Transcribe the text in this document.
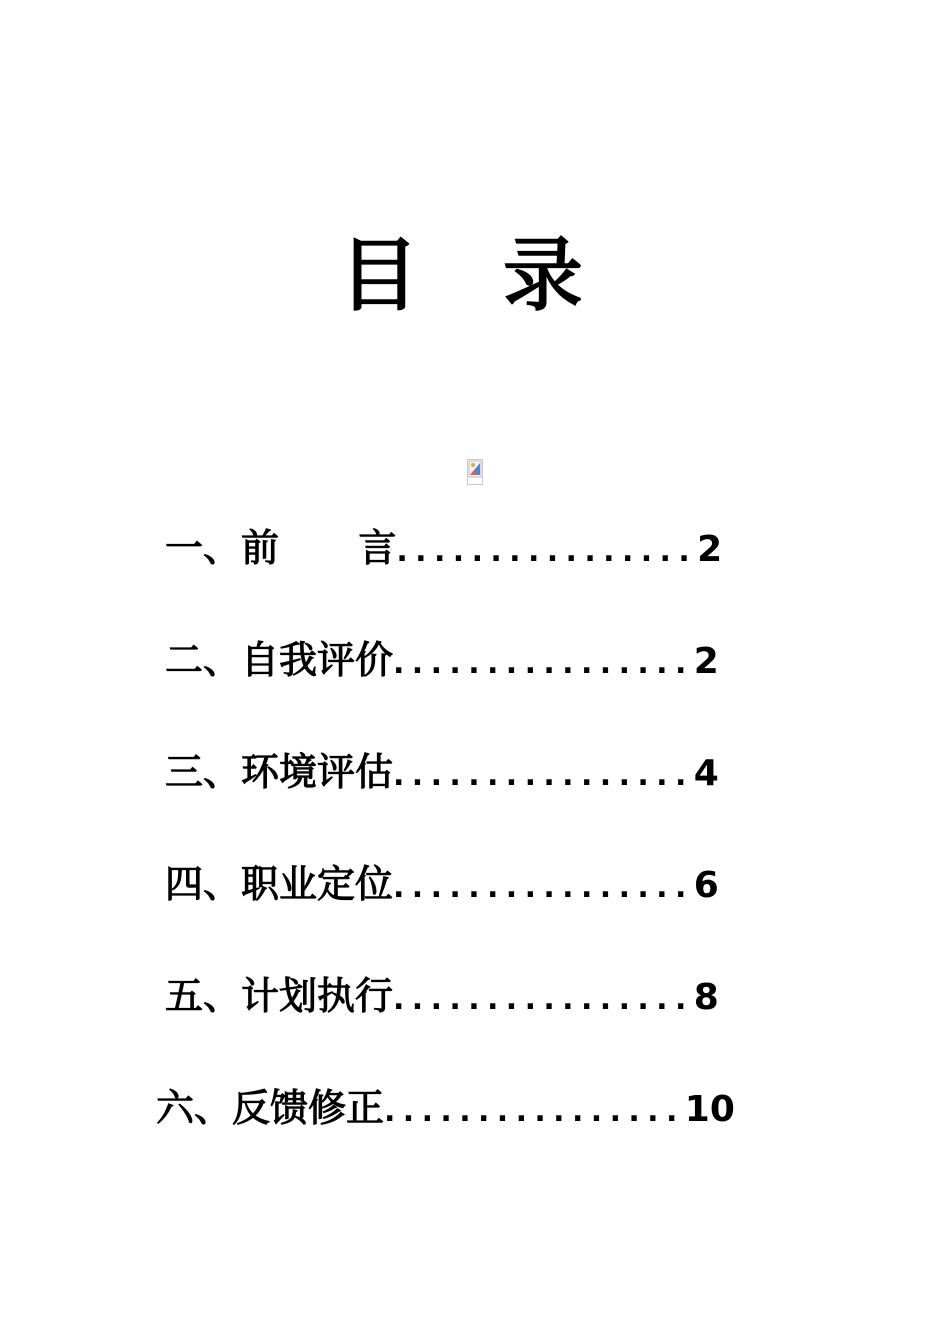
目 录
一、前      言 ................ 2
二、自我评价 ................ 2
三、环境评估 ................ 4
四、职业定位 ................ 6
五、计划执行 ................ 8
六、反馈修正 ................ 10
